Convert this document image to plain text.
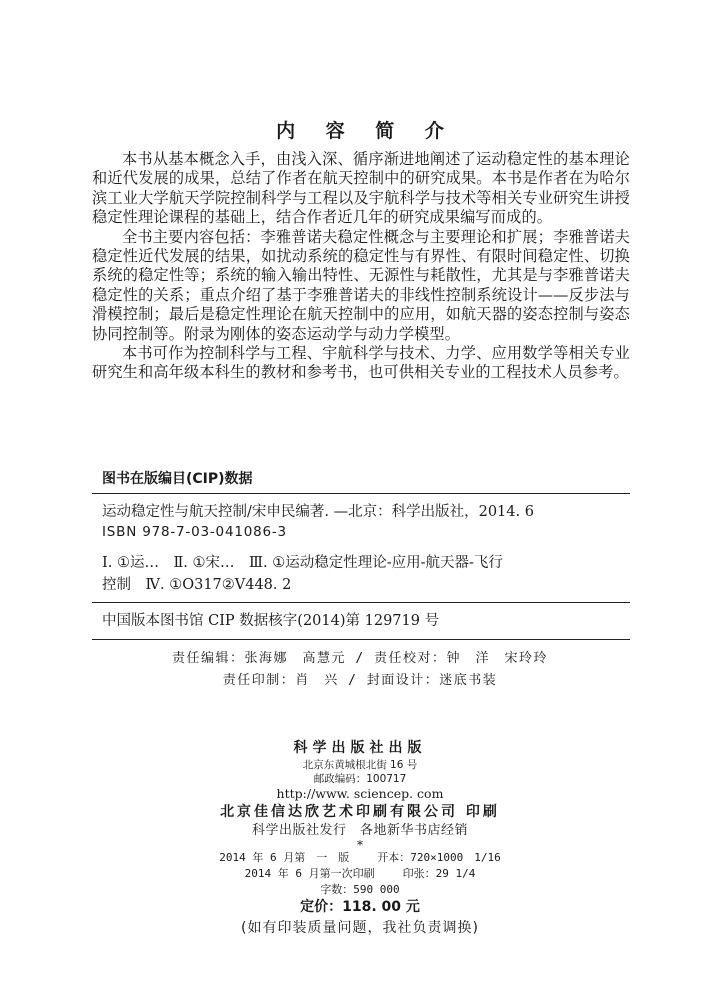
内 容 简 介

本书从基本概念入手，由浅入深、循序渐进地阐述了运动稳定性的基本理论和近代发展的成果，总结了作者在航天控制中的研究成果。本书是作者在为哈尔滨工业大学航天学院控制科学与工程以及宇航科学与技术等相关专业研究生讲授稳定性理论课程的基础上，结合作者近几年的研究成果编写而成的。

全书主要内容包括：李雅普诺夫稳定性概念与主要理论和扩展；李雅普诺夫稳定性近代发展的结果，如扰动系统的稳定性与有界性、有限时间稳定性、切换系统的稳定性等；系统的输入输出特性、无源性与耗散性，尤其是与李雅普诺夫稳定性的关系；重点介绍了基于李雅普诺夫的非线性控制系统设计——反步法与滑模控制；最后是稳定性理论在航天控制中的应用，如航天器的姿态控制与姿态协同控制等。附录为刚体的姿态运动学与动力学模型。

本书可作为控制科学与工程、宇航科学与技术、力学、应用数学等相关专业研究生和高年级本科生的教材和参考书，也可供相关专业的工程技术人员参考。

图书在版编目(CIP)数据
运动稳定性与航天控制/宋申民编著. —北京：科学出版社，2014. 6
ISBN 978-7-03-041086-3
Ⅰ. ①运…　Ⅱ. ①宋…　Ⅲ. ①运动稳定性理论-应用-航天器-飞行
控制　Ⅳ. ①O317②V448. 2
中国版本图书馆 CIP 数据核字(2014)第 129719 号
责任编辑：张海娜　高慧元 / 责任校对：钟　洋　宋玲玲
责任印制：肖　兴 / 封面设计：迷底书装
科学出版社出版
北京东黄城根北街 16 号
邮政编码：100717
http://www. sciencep. com
北京佳信达欣艺术印刷有限公司 印刷
科学出版社发行　各地新华书店经销
*
2014 年 6 月第　一　版	开本：720×1000　1/16
2014 年 6 月第一次印刷	印张：29 1/4
字数：590 000
定价：118. 00 元
(如有印装质量问题，我社负责调换)
